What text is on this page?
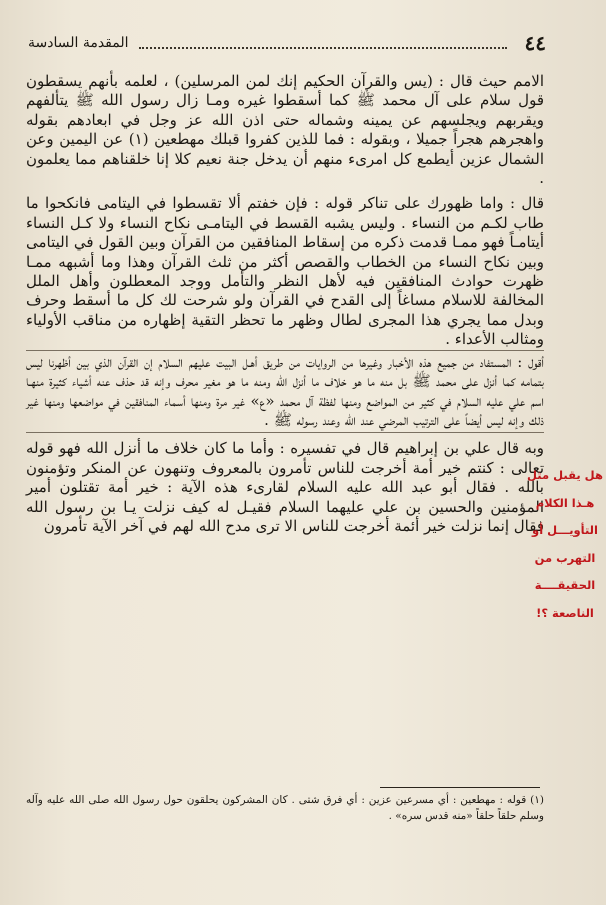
٤٤
المقدمة السادسة

الامم حيث قال : (يس والقرآن الحكيم إنك لمن المرسلين) ، لعلمه بأنهم يسقطون قول سلام على آل محمد ﷺ كما أسقطوا غيره ومـا زال رسول الله ﷺ يتألفهم ويقربهم ويجلسهم عن يمينه وشماله حتى اذن الله عز وجل في ابعادهم بقوله واهجرهم هجراً جميلا ، وبقوله : فما للذين كفروا قبلك مهطعين (١) عن اليمين وعن الشمال عزين أيطمع كل امرىء منهم أن يدخل جنة نعيم كلا إنا خلقناهم مما يعلمون .

قال : واما ظهورك على تناكر قوله : فإن خفتم ألا تقسطوا في اليتامى فانكحوا ما طاب لكـم من النساء . وليس يشبه القسط في اليتامـى نكاح النساء ولا كـل النساء أيتامـاً فهو ممـا قدمت ذكره من إسقاط المنافقين من القرآن وبين القول في اليتامى وبين نكاح النساء من الخطاب والقصص أكثر من ثلث القرآن وهذا وما أشبهه ممـا ظهرت حوادث المنافقين فيه لأهل النظر والتأمل ووجد المعطلون وأهل الملل المخالفة للاسلام مساغاً إلى القدح في القرآن ولو شرحت لك كل ما أسقط وحرف وبدل مما يجري هذا المجرى لطال وظهر ما تحظر التقية إظهاره من مناقب الأولياء ومثالب الأعداء .

أقول : المستفاد من جميع هذه الأخبار وغيرها من الروايات من طريق أهـل البيت عليهم السلام إن القرآن الذي بين أظهرنا ليس بتمامه كما أنزل على محمد ﷺ بل منه ما هو خلاف ما أنزل الله ومنه ما هو مغير محرف وإنه قد حذف عنه أشياء كثيرة منهـا اسم علي عليه السلام في كثير من المواضع ومنها لفظة آل محمد «ع» غير مرة ومنها أسماء المنافقين في مواضعها ومنها غير ذلك وإنه ليس أيضاً على الترتيب المرضي عند الله وعند رسوله ﷺ .

وبه قال علي بن إبراهيم قال في تفسيره : وأما ما كان خلاف ما أنزل الله فهو قوله تعالى : كنتم خير أمة أخرجت للناس تأمرون بالمعروف وتنهون عن المنكر وتؤمنون بالله . فقال أبو عبد الله عليه السلام لقارىء هذه الآية : خير أمة تقتلون أمير المؤمنين والحسين بن علي عليهما السلام فقيـل له كيف نزلت يـا بن رسول الله فقال إنما نزلت خير أئمة أخرجت للناس الا ترى مدح الله لهم في آخر الآية تأمرون

هل يقبل مثل
هـذا الكلام
التأويـــل أو
التهرب من
الحقيقــــة
الناصعة ؟!
(١) قوله : مهطعين : أي مسرعين عزين : أي فرق شتى . كان المشركون يحلقون حول رسول الله صلى الله عليه وآله وسلم حلقاً حلقاً «منه قدس سره» .
